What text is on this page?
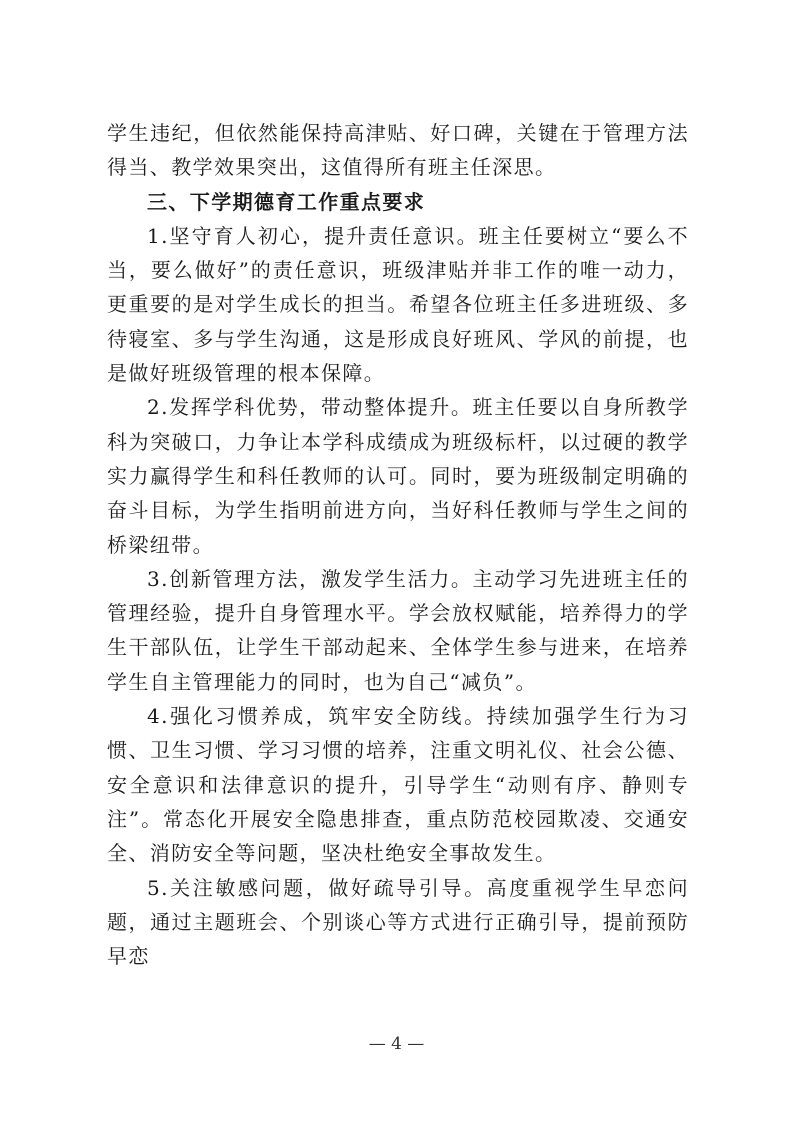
学生违纪，但依然能保持高津贴、好口碑，关键在于管理方法得当、教学效果突出，这值得所有班主任深思。

三、下学期德育工作重点要求

1.坚守育人初心，提升责任意识。班主任要树立“要么不当，要么做好”的责任意识，班级津贴并非工作的唯一动力，更重要的是对学生成长的担当。希望各位班主任多进班级、多待寝室、多与学生沟通，这是形成良好班风、学风的前提，也是做好班级管理的根本保障。

2.发挥学科优势，带动整体提升。班主任要以自身所教学科为突破口，力争让本学科成绩成为班级标杆，以过硬的教学实力赢得学生和科任教师的认可。同时，要为班级制定明确的奋斗目标，为学生指明前进方向，当好科任教师与学生之间的桥梁纽带。

3.创新管理方法，激发学生活力。主动学习先进班主任的管理经验，提升自身管理水平。学会放权赋能，培养得力的学生干部队伍，让学生干部动起来、全体学生参与进来，在培养学生自主管理能力的同时，也为自己“减负”。

4.强化习惯养成，筑牢安全防线。持续加强学生行为习惯、卫生习惯、学习习惯的培养，注重文明礼仪、社会公德、安全意识和法律意识的提升，引导学生“动则有序、静则专注”。常态化开展安全隐患排查，重点防范校园欺凌、交通安全、消防安全等问题，坚决杜绝安全事故发生。

5.关注敏感问题，做好疏导引导。高度重视学生早恋问题，通过主题班会、个别谈心等方式进行正确引导，提前预防早恋

— 4 —
